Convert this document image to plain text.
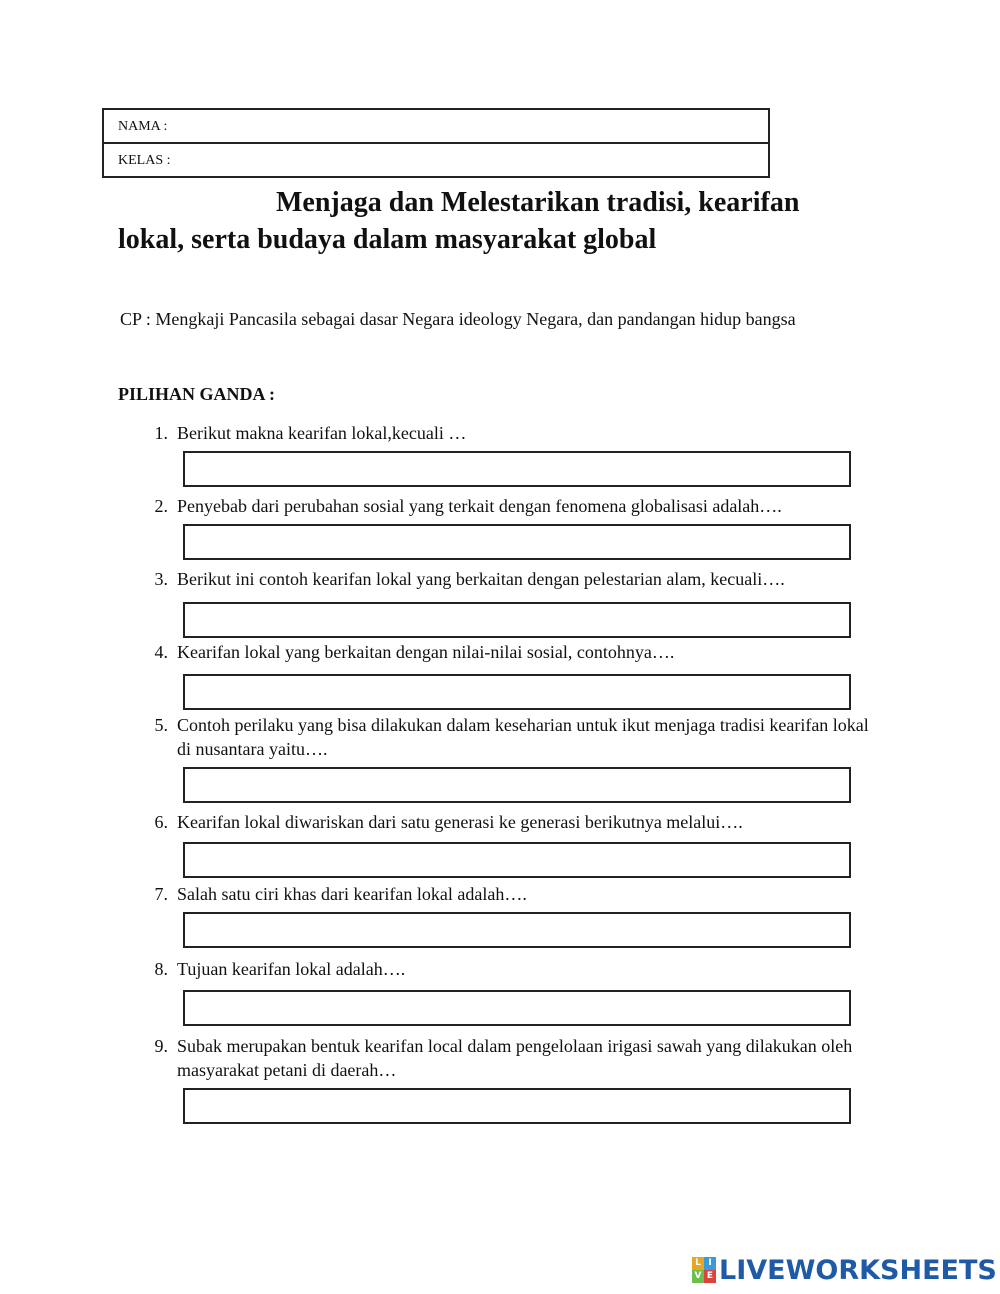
NAMA :
KELAS :
Menjaga dan Melestarikan tradisi, kearifan
lokal, serta budaya dalam masyarakat global
CP : Mengkaji Pancasila sebagai dasar Negara ideology Negara, dan pandangan hidup bangsa
PILIHAN GANDA :
1. Berikut makna kearifan lokal,kecuali …
2. Penyebab dari perubahan sosial yang terkait dengan fenomena globalisasi adalah….
3. Berikut ini contoh kearifan lokal yang berkaitan dengan pelestarian alam, kecuali….
4. Kearifan lokal yang berkaitan dengan nilai-nilai sosial, contohnya….
5. Contoh perilaku yang bisa dilakukan dalam keseharian untuk ikut menjaga tradisi kearifan lokal di nusantara yaitu….
6. Kearifan lokal diwariskan dari satu generasi ke generasi berikutnya melalui….
7. Salah satu ciri khas dari kearifan lokal adalah….
8. Tujuan kearifan lokal adalah….
9. Subak merupakan bentuk kearifan local dalam pengelolaan irigasi sawah yang dilakukan oleh masyarakat petani di daerah…
L I
V E LIVEWORKSHEETS
